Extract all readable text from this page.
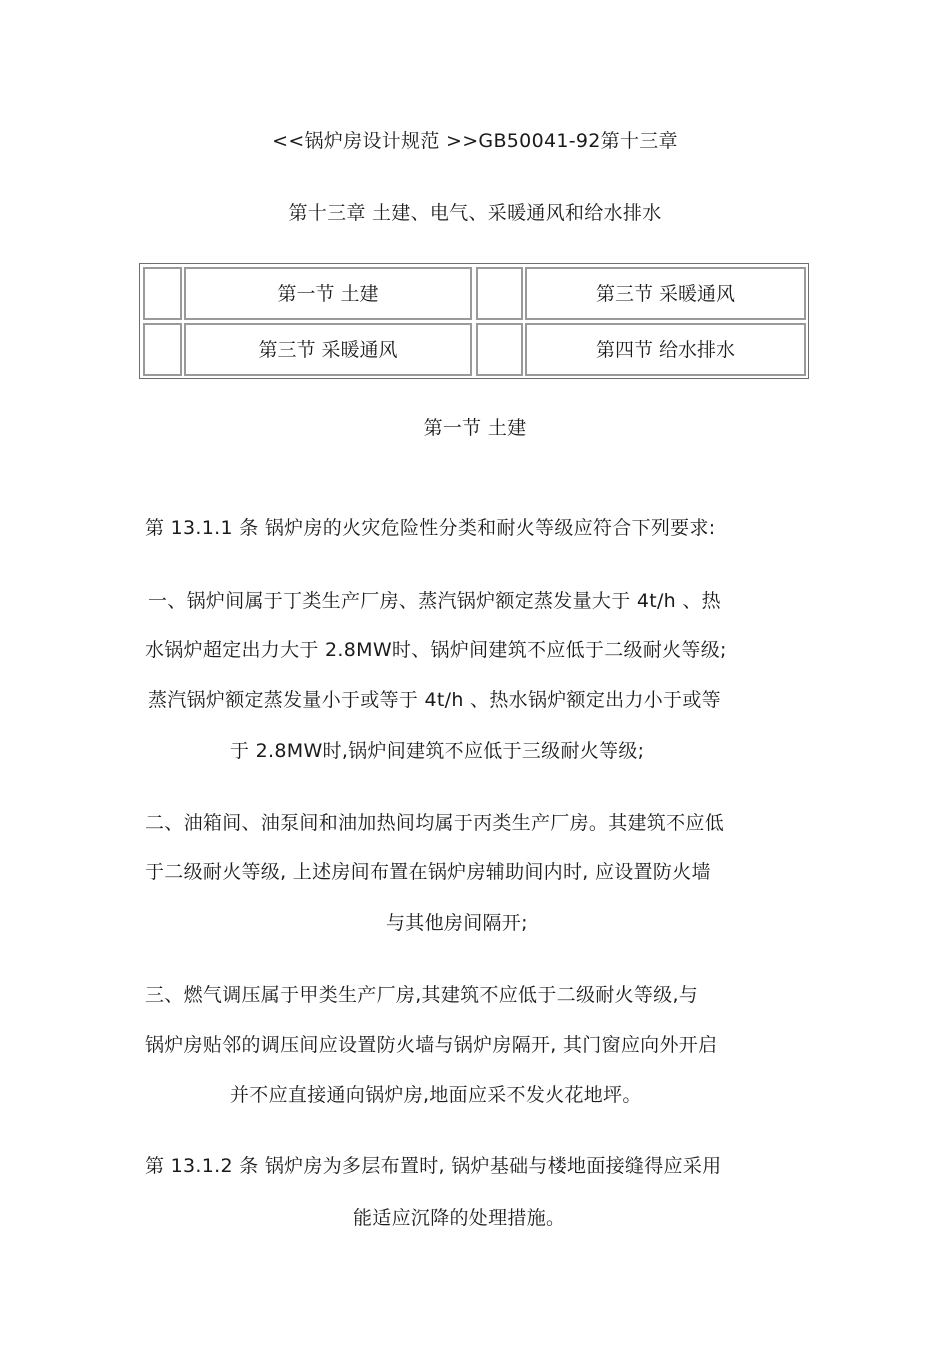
<<锅炉房设计规范 >>GB50041-92第十三章
第十三章 土建、电气、采暖通风和给水排水
第一节 土建	第三节 采暖通风
第三节 采暖通风	第四节 给水排水
第一节 土建
第 13.1.1 条 锅炉房的火灾危险性分类和耐火等级应符合下列要求:
一、锅炉间属于丁类生产厂房、蒸汽锅炉额定蒸发量大于 4t/h 、热
水锅炉超定出力大于 2.8MW时、锅炉间建筑不应低于二级耐火等级;
蒸汽锅炉额定蒸发量小于或等于 4t/h 、热水锅炉额定出力小于或等
于 2.8MW时,锅炉间建筑不应低于三级耐火等级;
二、油箱间、油泵间和油加热间均属于丙类生产厂房。其建筑不应低
于二级耐火等级, 上述房间布置在锅炉房辅助间内时, 应设置防火墙
与其他房间隔开;
三、燃气调压属于甲类生产厂房,其建筑不应低于二级耐火等级,与
锅炉房贴邻的调压间应设置防火墙与锅炉房隔开, 其门窗应向外开启
并不应直接通向锅炉房,地面应采不发火花地坪。
第 13.1.2 条 锅炉房为多层布置时, 锅炉基础与楼地面接缝得应采用
能适应沉降的处理措施。
